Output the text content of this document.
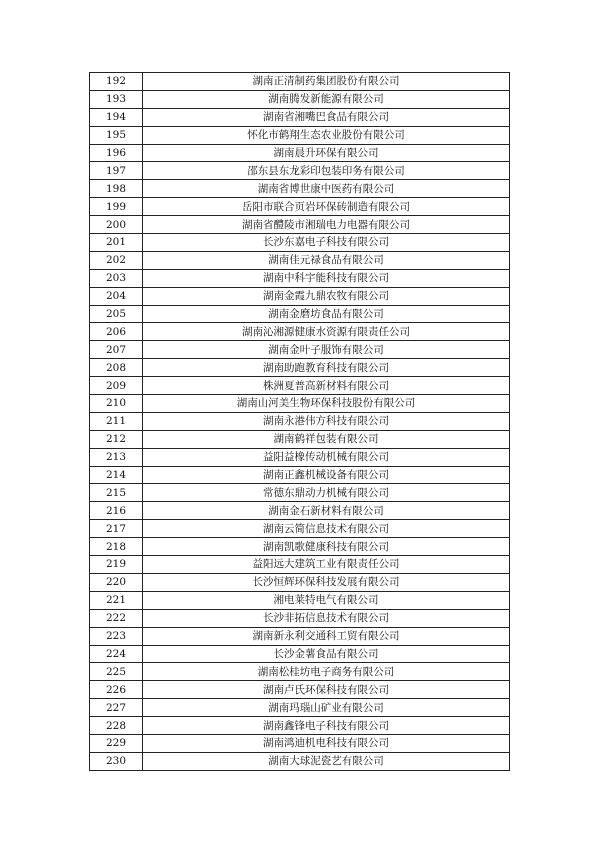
192	湖南正清制药集团股份有限公司
193	湖南腾发新能源有限公司
194	湖南省湘嘴巴食品有限公司
195	怀化市鹤翔生态农业股份有限公司
196	湖南晨升环保有限公司
197	邵东县东龙彩印包装印务有限公司
198	湖南省博世康中医药有限公司
199	岳阳市联合页岩环保砖制造有限公司
200	湖南省醴陵市湘瑞电力电器有限公司
201	长沙东嘉电子科技有限公司
202	湖南佳元禄食品有限公司
203	湖南中科宇能科技有限公司
204	湖南金霞九鼎农牧有限公司
205	湖南金磨坊食品有限公司
206	湖南沁湘源健康水资源有限责任公司
207	湖南金叶子服饰有限公司
208	湖南助跑教育科技有限公司
209	株洲夏普高新材料有限公司
210	湖南山河美生物环保科技股份有限公司
211	湖南永港伟方科技有限公司
212	湖南鹤祥包装有限公司
213	益阳益橡传动机械有限公司
214	湖南正鑫机械设备有限公司
215	常德东鼎动力机械有限公司
216	湖南金石新材料有限公司
217	湖南云简信息技术有限公司
218	湖南凯歌健康科技有限公司
219	益阳远大建筑工业有限责任公司
220	长沙恒辉环保科技发展有限公司
221	湘电莱特电气有限公司
222	长沙非拓信息技术有限公司
223	湖南新永利交通科工贸有限公司
224	长沙金薯食品有限公司
225	湖南松桂坊电子商务有限公司
226	湖南卢氏环保科技有限公司
227	湖南玛瑙山矿业有限公司
228	湖南鑫锋电子科技有限公司
229	湖南鸿迪机电科技有限公司
230	湖南大球泥瓷艺有限公司
